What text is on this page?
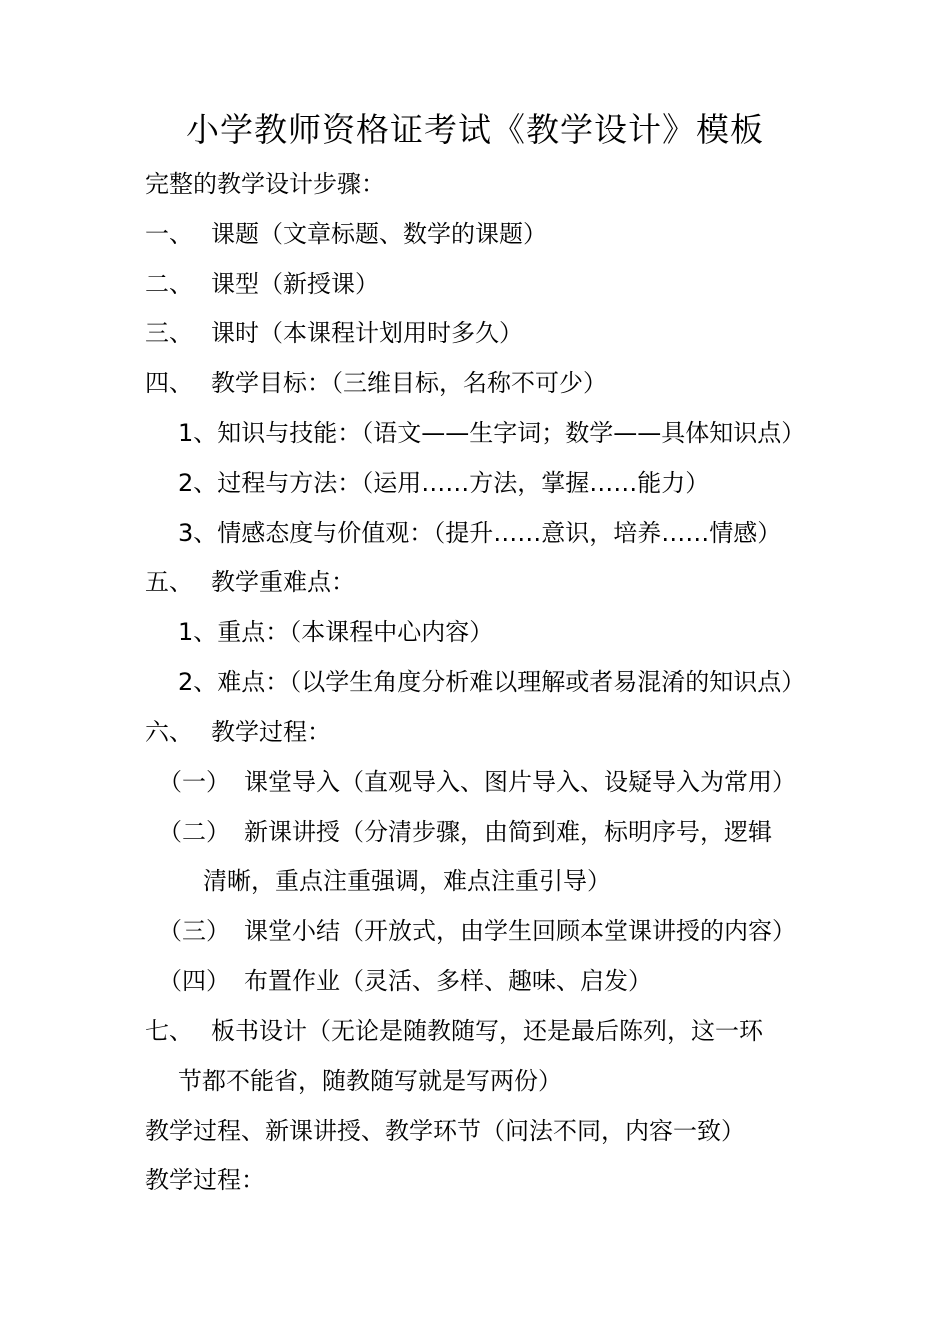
小学教师资格证考试《教学设计》模板
完整的教学设计步骤：
一、 课题（文章标题、数学的课题）
二、 课型（新授课）
三、 课时（本课程计划用时多久）
四、 教学目标：（三维目标，名称不可少）
1、知识与技能：（语文——生字词；数学——具体知识点）
2、过程与方法：（运用……方法，掌握……能力）
3、情感态度与价值观：（提升……意识，培养……情感）
五、 教学重难点：
1、重点：（本课程中心内容）
2、难点：（以学生角度分析难以理解或者易混淆的知识点）
六、 教学过程：
（一） 课堂导入（直观导入、图片导入、设疑导入为常用）
（二） 新课讲授（分清步骤，由简到难，标明序号，逻辑
清晰，重点注重强调，难点注重引导）
（三） 课堂小结（开放式，由学生回顾本堂课讲授的内容）
（四） 布置作业（灵活、多样、趣味、启发）
七、 板书设计（无论是随教随写，还是最后陈列，这一环
节都不能省，随教随写就是写两份）
教学过程、新课讲授、教学环节（问法不同，内容一致）
教学过程：
